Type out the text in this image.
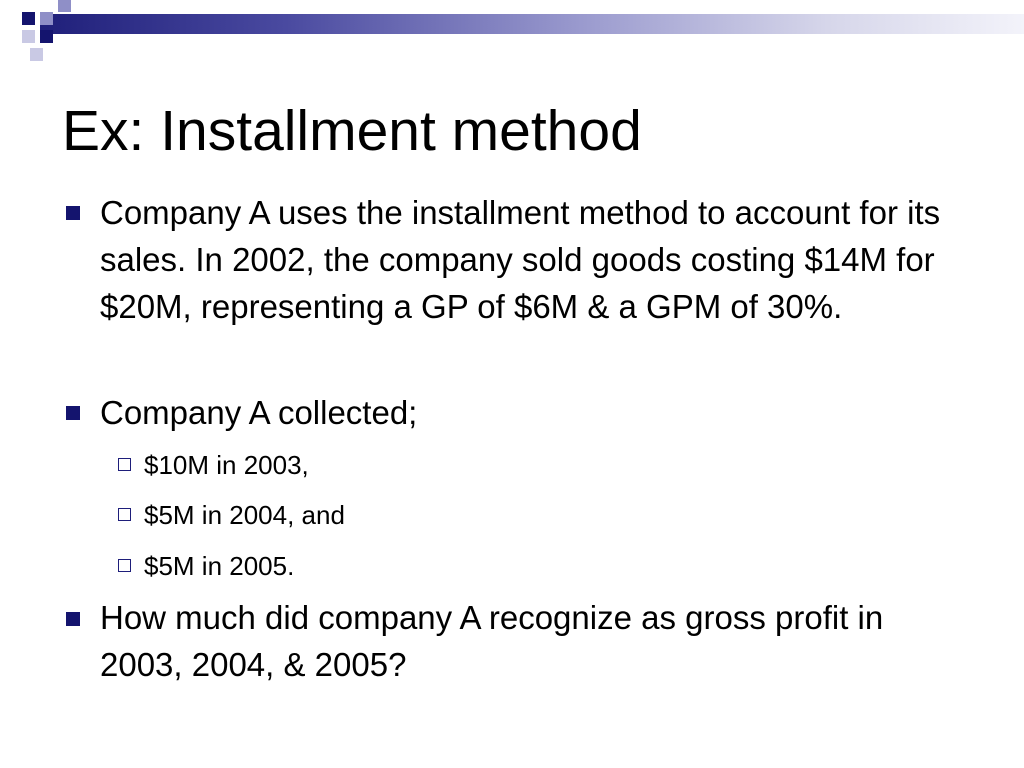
Ex: Installment method
Company A uses the installment method to account for its sales. In 2002, the company sold goods costing $14M for $20M, representing a GP of $6M & a GPM of 30%.
Company A collected;
$10M in 2003,
$5M in 2004, and
$5M in 2005.
How much did company A recognize as gross profit in 2003, 2004, & 2005?
